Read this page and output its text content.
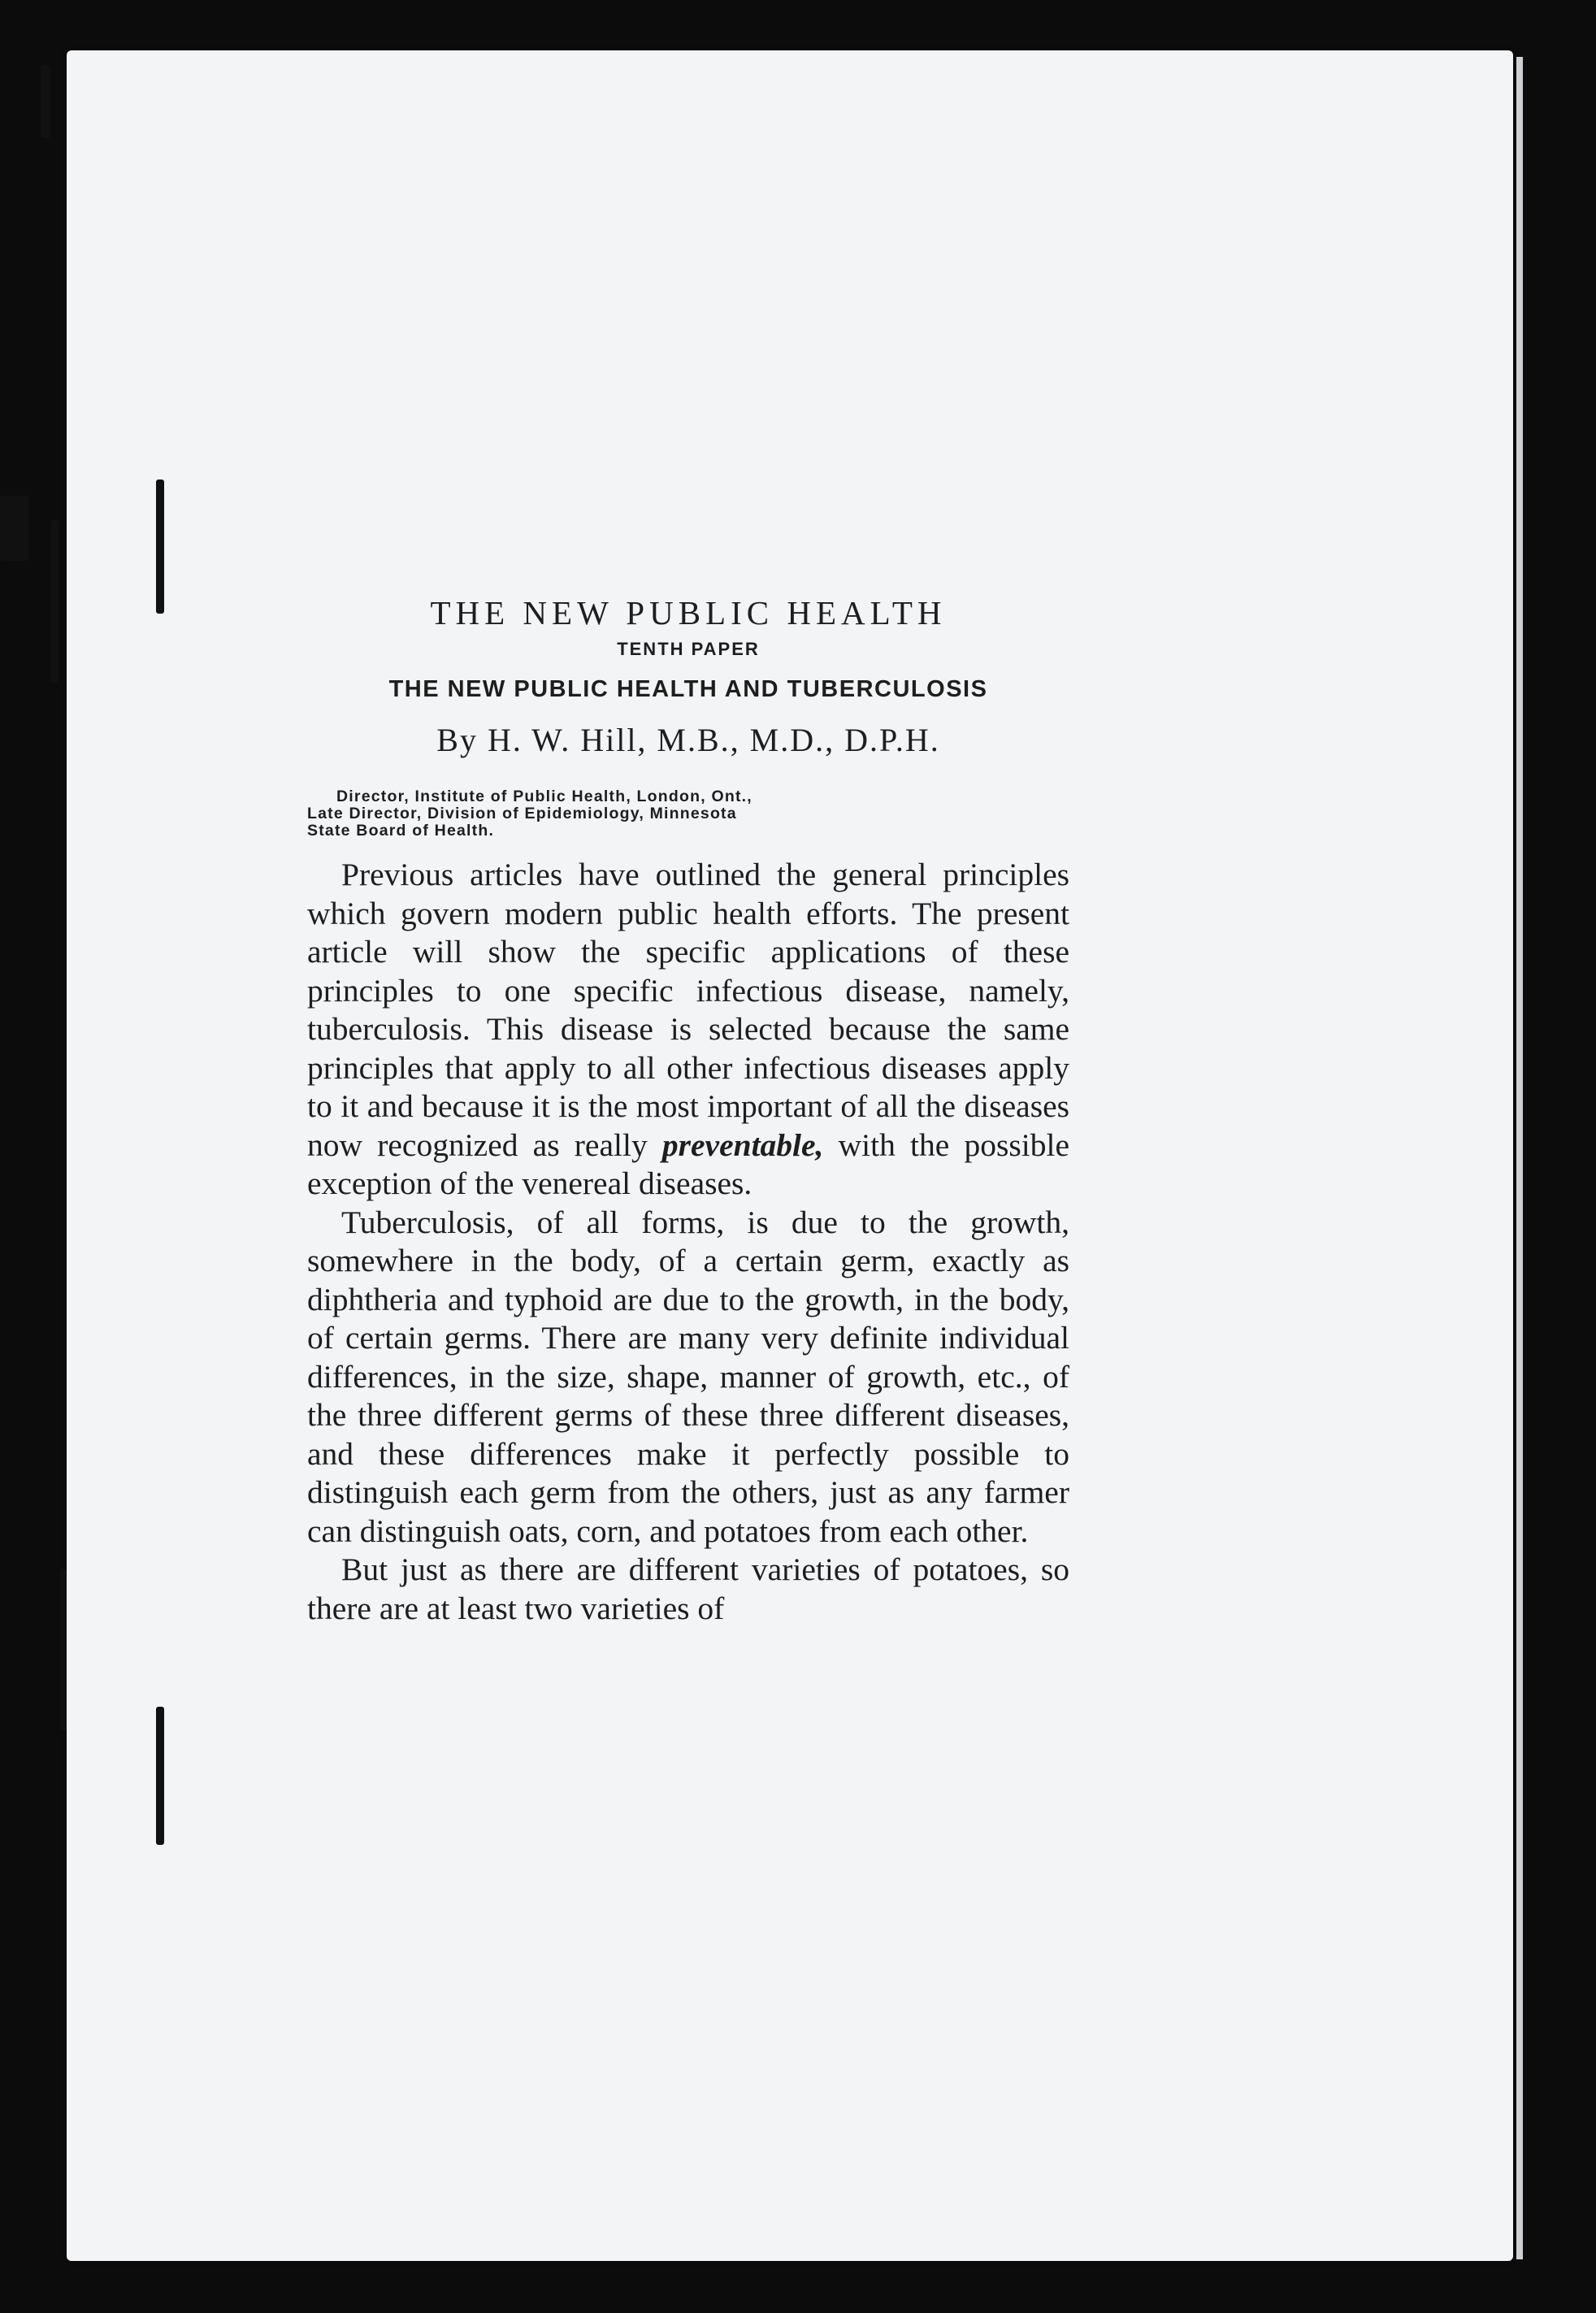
THE NEW PUBLIC HEALTH
TENTH PAPER
THE NEW PUBLIC HEALTH AND TUBERCULOSIS
By H. W. Hill, M.B., M.D., D.P.H.
Director, Institute of Public Health, London, Ont.,
Late Director, Division of Epidemiology, Minnesota
State Board of Health.

Previous articles have outlined the general principles which govern modern public health efforts. The present article will show the specific applications of these principles to one specific infectious disease, namely, tuberculosis. This disease is selected because the same principles that apply to all other infectious diseases apply to it and because it is the most important of all the diseases now recognized as really preventable, with the possible exception of the venereal diseases.

Tuberculosis, of all forms, is due to the growth, somewhere in the body, of a certain germ, exactly as diphtheria and typhoid are due to the growth, in the body, of certain germs. There are many very definite individual differences, in the size, shape, manner of growth, etc., of the three different germs of these three different diseases, and these differences make it perfectly possible to distinguish each germ from the others, just as any farmer can distinguish oats, corn, and potatoes from each other.

But just as there are different varieties of potatoes, so there are at least two varieties of
